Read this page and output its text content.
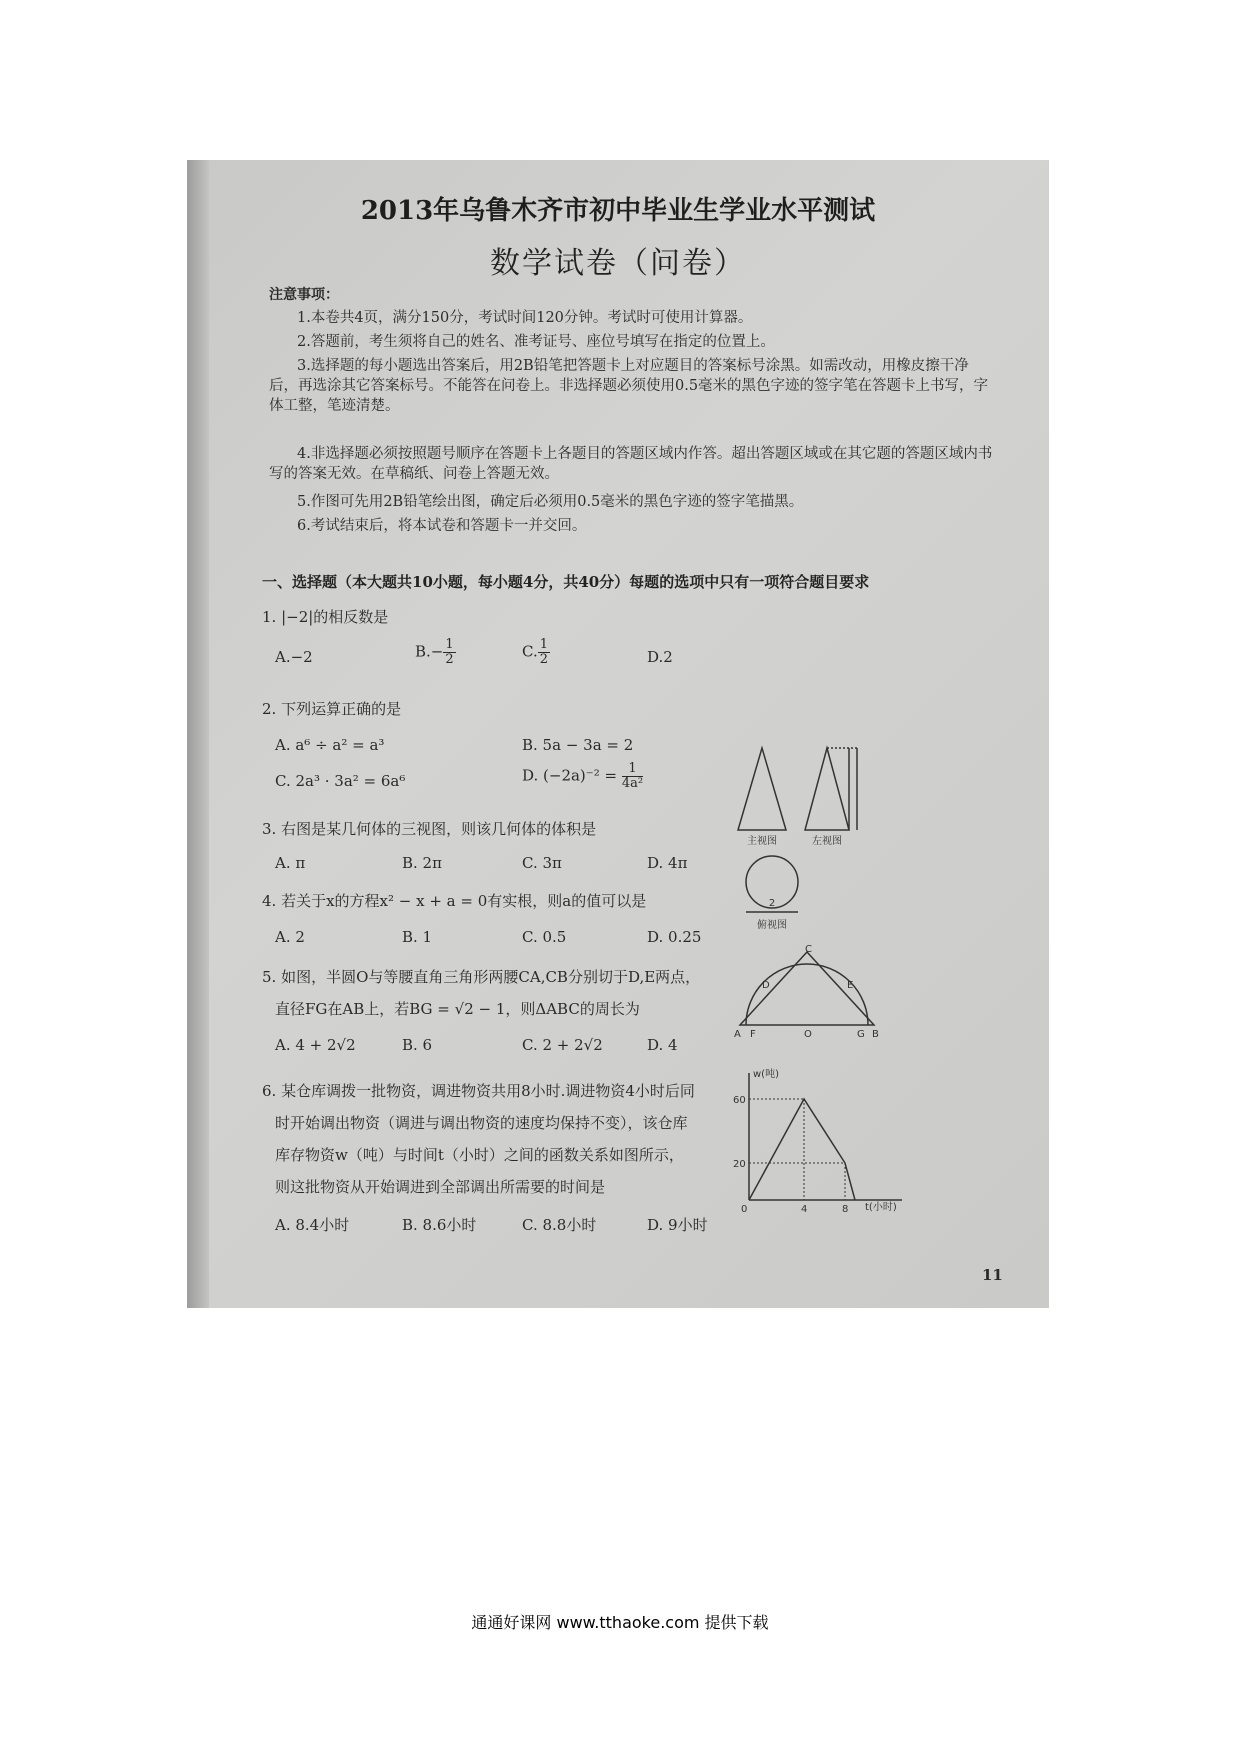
2013年乌鲁木齐市初中毕业生学业水平测试
数学试卷（问卷）
注意事项：
1.本卷共4页，满分150分，考试时间120分钟。考试时可使用计算器。
2.答题前，考生须将自己的姓名、准考证号、座位号填写在指定的位置上。
3.选择题的每小题选出答案后，用2B铅笔把答题卡上对应题目的答案标号涂黑。如需改动，用橡皮擦干净后，再选涂其它答案标号。不能答在问卷上。非选择题必须使用0.5毫米的黑色字迹的签字笔在答题卡上书写，字体工整，笔迹清楚。
4.非选择题必须按照题号顺序在答题卡上各题目的答题区域内作答。超出答题区域或在其它题的答题区域内书写的答案无效。在草稿纸、问卷上答题无效。
5.作图可先用2B铅笔绘出图，确定后必须用0.5毫米的黑色字迹的签字笔描黑。
6.考试结束后，将本试卷和答题卡一并交回。
一、选择题（本大题共10小题，每小题4分，共40分）每题的选项中只有一项符合题目要求
1. |−2|的相反数是
A.−2	$B.- \frac{1}{2}$	C. $\frac{1}{2}$	D.2
2. 下列运算正确的是
A. a⁶ ÷ a² = a³	B. 5a − 3a = 2
C. 2a³ · 3a² = 6a⁶	D. $(-2a)^{-2} = \frac{1}{\text{4a²}}$
3. 右图是某几何体的三视图，则该几何体的体积是
A. π	B. 2π	C. 3π	D. 4π
4. 若关于x的方程x² − x + a = 0有实根，则a的值可以是
A. 2	B. 1	C. 0.5	D. 0.25
5. 如图，半圆O与等腰直角三角形两腰CA,CB分别切于D,E两点，
直径FG在AB上，若BG = √2 − 1，则ΔABC的周长为
A. 4 + 2√2	B. 6	C. 2 + 2√2	D. 4
6. 某仓库调拨一批物资，调进物资共用8小时.调进物资4小时后同
时开始调出物资（调进与调出物资的速度均保持不变），该仓库
库存物资w（吨）与时间t（小时）之间的函数关系如图所示，
则这批物资从开始调进到全部调出所需要的时间是
A. 8.4小时	B. 8.6小时	C. 8.8小时	D. 9小时
主视图	左视图
2
俯视图
C
D	E
A F	O	G B
w(吨)
t(小时)
60
20
0	4	8
11
通通好课网 www.tthaoke.com 提供下载
